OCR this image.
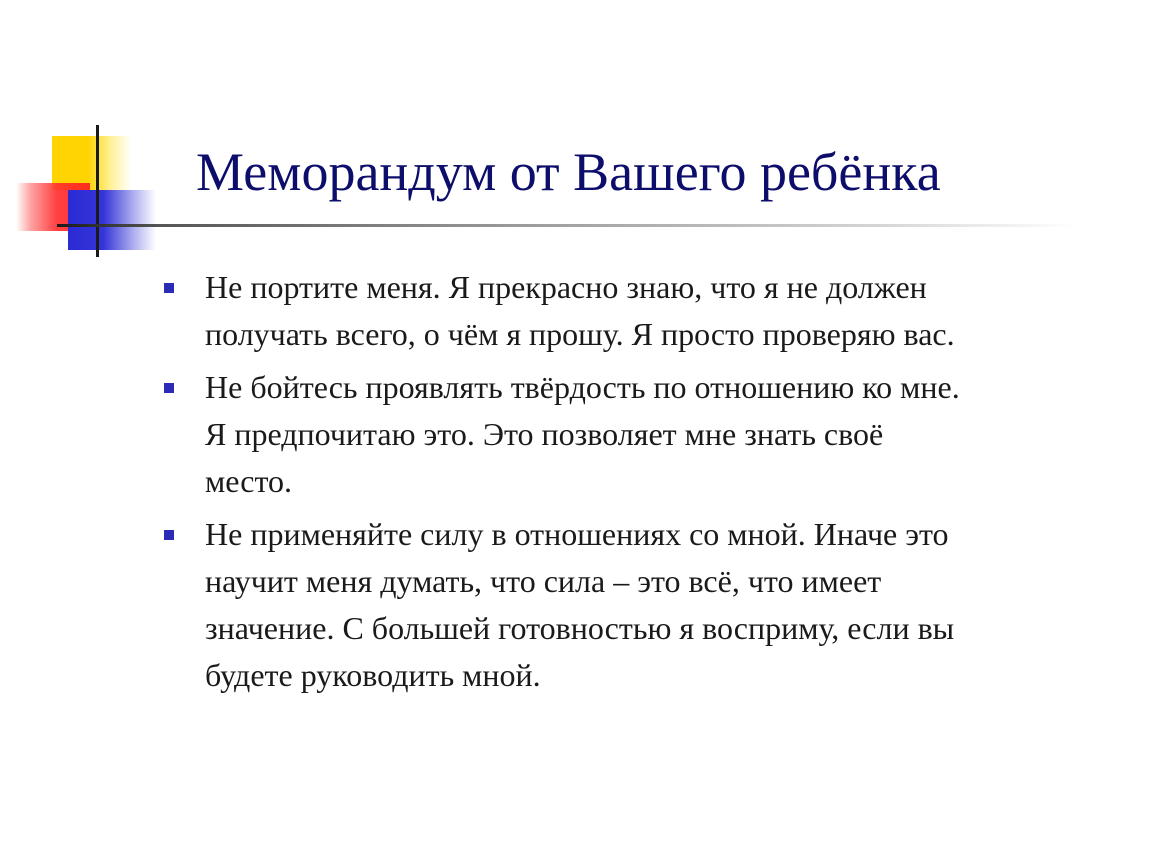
Меморандум от Вашего ребёнка
Не портите меня. Я прекрасно знаю, что я не должен
получать всего, о чём я прошу. Я просто проверяю вас.
Не бойтесь проявлять твёрдость по отношению ко мне.
Я предпочитаю это. Это позволяет мне знать своё
место.
Не применяйте силу в отношениях со мной. Иначе это
научит меня думать, что сила – это всё, что имеет
значение. С большей готовностью я восприму, если вы
будете руководить мной.
